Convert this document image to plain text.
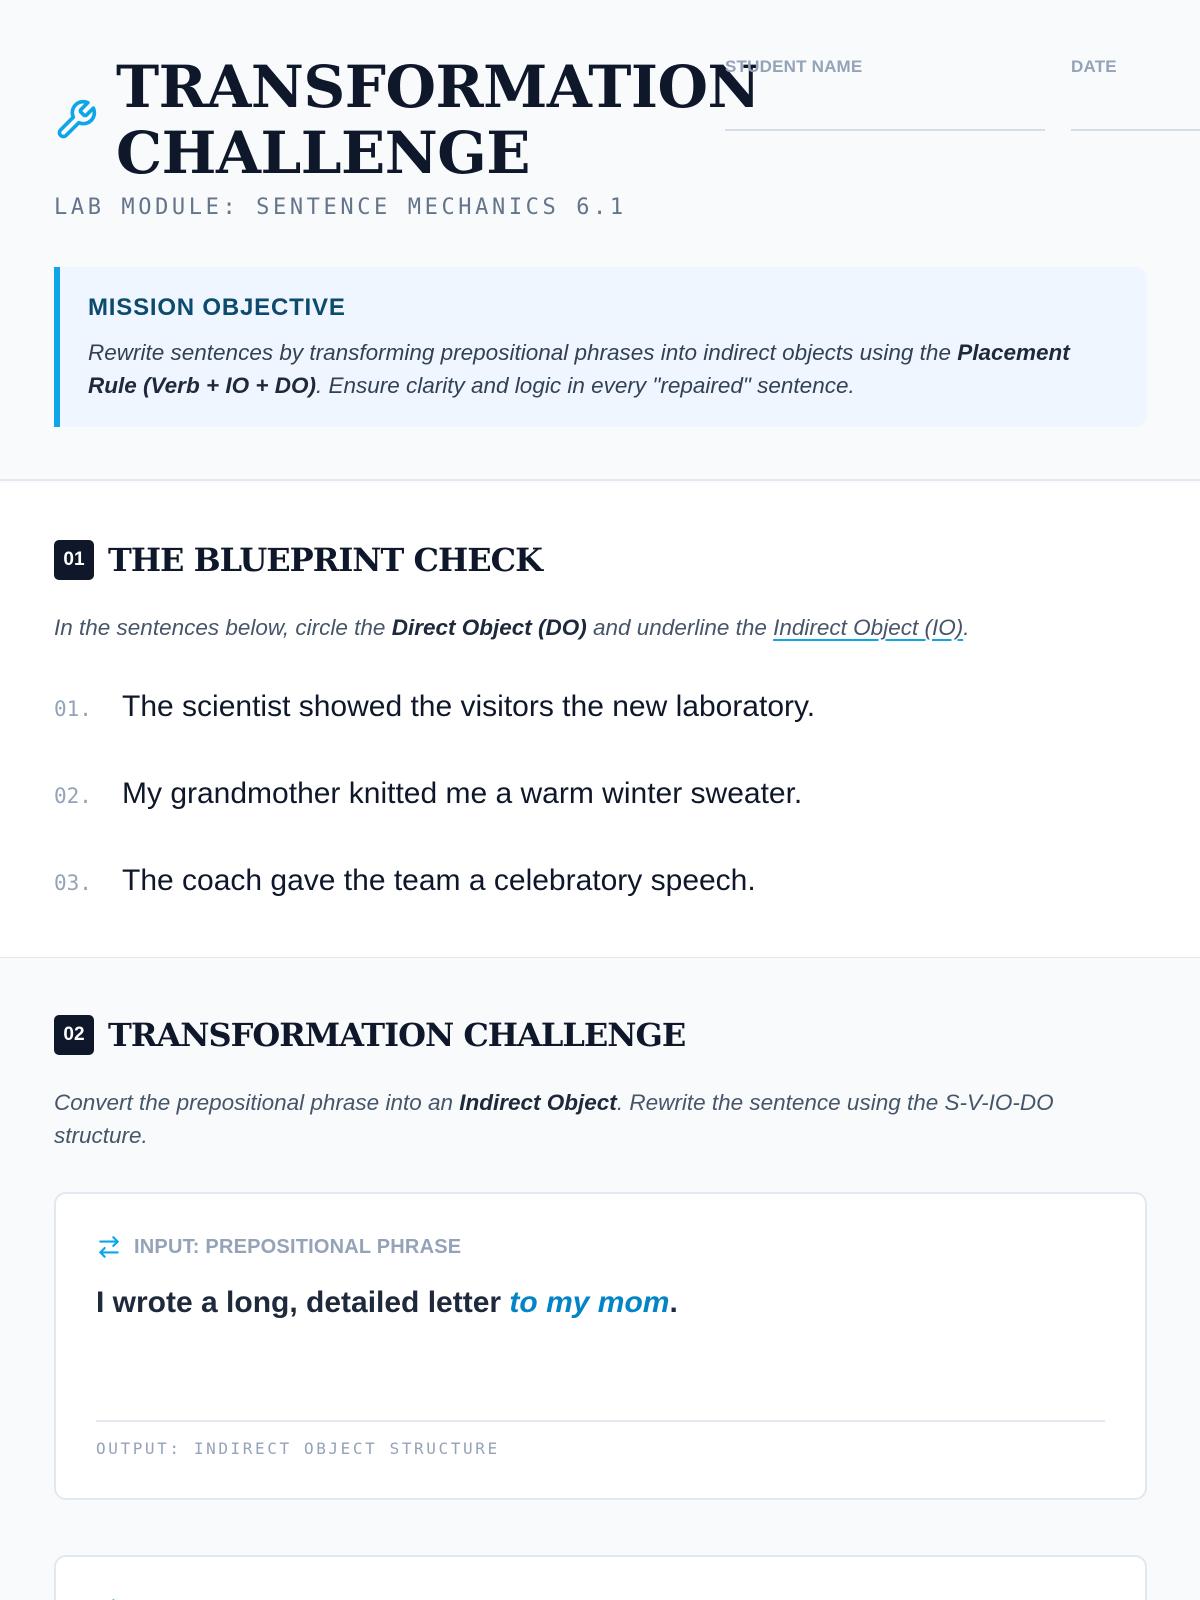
TRANSFORMATION
CHALLENGE
STUDENT NAME	DATE
LAB MODULE: SENTENCE MECHANICS 6.1
MISSION OBJECTIVE
Rewrite sentences by transforming prepositional phrases into indirect objects using the Placement Rule (Verb + IO + DO). Ensure clarity and logic in every "repaired" sentence.
01 THE BLUEPRINT CHECK
In the sentences below, circle the Direct Object (DO) and underline the Indirect Object (IO).
01.	The scientist showed the visitors the new laboratory.
02.	My grandmother knitted me a warm winter sweater.
03.	The coach gave the team a celebratory speech.
02 TRANSFORMATION CHALLENGE
Convert the prepositional phrase into an Indirect Object. Rewrite the sentence using the S-V-IO-DO structure.
INPUT: PREPOSITIONAL PHRASE
I wrote a long, detailed letter to my mom.
OUTPUT: INDIRECT OBJECT STRUCTURE
